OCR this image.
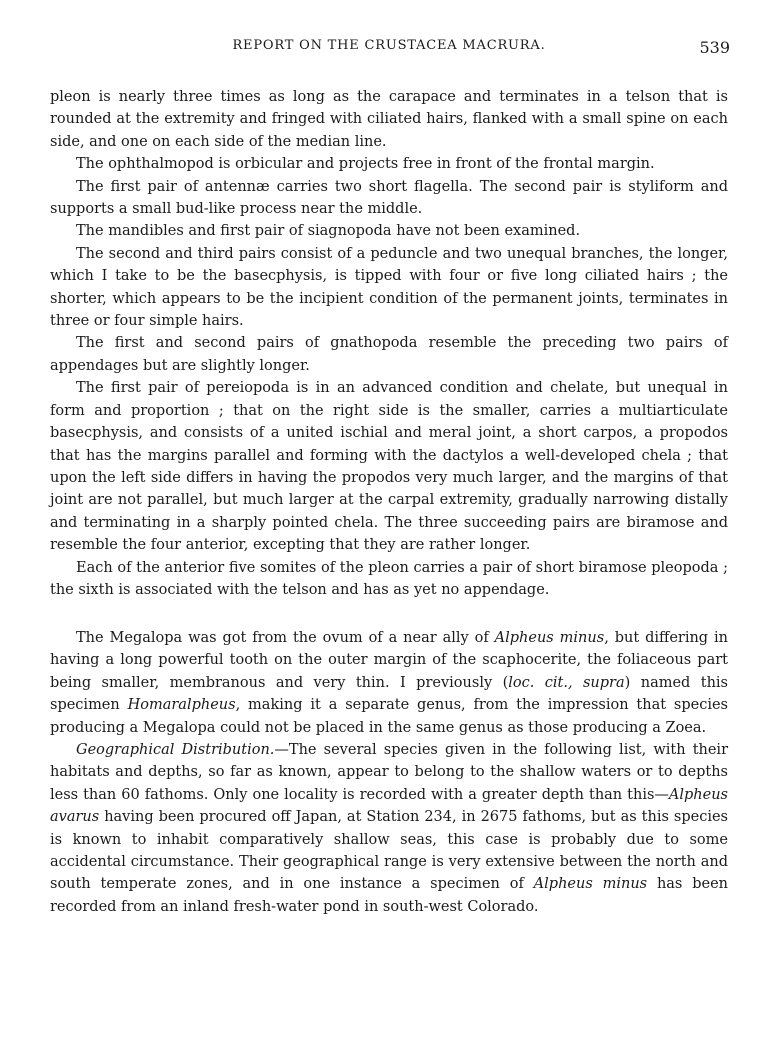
REPORT ON THE CRUSTACEA MACRURA.	539

pleon is nearly three times as long as the carapace and terminates in a telson that is rounded at the extremity and fringed with ciliated hairs, flanked with a small spine on each side, and one on each side of the median line.

The ophthalmopod is orbicular and projects free in front of the frontal margin.

The first pair of antennæ carries two short flagella. The second pair is styliform and supports a small bud-like process near the middle.

The mandibles and first pair of siagnopoda have not been examined.

The second and third pairs consist of a peduncle and two unequal branches, the longer, which I take to be the basecphysis, is tipped with four or five long ciliated hairs ; the shorter, which appears to be the incipient condition of the permanent joints, terminates in three or four simple hairs.

The first and second pairs of gnathopoda resemble the preceding two pairs of appendages but are slightly longer.

The first pair of pereiopoda is in an advanced condition and chelate, but unequal in form and proportion ; that on the right side is the smaller, carries a multiarticulate basecphysis, and consists of a united ischial and meral joint, a short carpos, a propodos that has the margins parallel and forming with the dactylos a well-developed chela ; that upon the left side differs in having the propodos very much larger, and the margins of that joint are not parallel, but much larger at the carpal extremity, gradually narrowing distally and terminating in a sharply pointed chela. The three succeeding pairs are biramose and resemble the four anterior, excepting that they are rather longer.

Each of the anterior five somites of the pleon carries a pair of short biramose pleopoda ; the sixth is associated with the telson and has as yet no appendage.

The Megalopa was got from the ovum of a near ally of Alpheus minus, but differing in having a long powerful tooth on the outer margin of the scaphocerite, the foliaceous part being smaller, membranous and very thin. I previously (loc. cit., supra) named this specimen Homaralpheus, making it a separate genus, from the impression that species producing a Megalopa could not be placed in the same genus as those producing a Zoea.

Geographical Distribution.—The several species given in the following list, with their habitats and depths, so far as known, appear to belong to the shallow waters or to depths less than 60 fathoms. Only one locality is recorded with a greater depth than this—Alpheus avarus having been procured off Japan, at Station 234, in 2675 fathoms, but as this species is known to inhabit comparatively shallow seas, this case is probably due to some accidental circumstance. Their geographical range is very extensive between the north and south temperate zones, and in one instance a specimen of Alpheus minus has been recorded from an inland fresh-water pond in south-west Colorado.
